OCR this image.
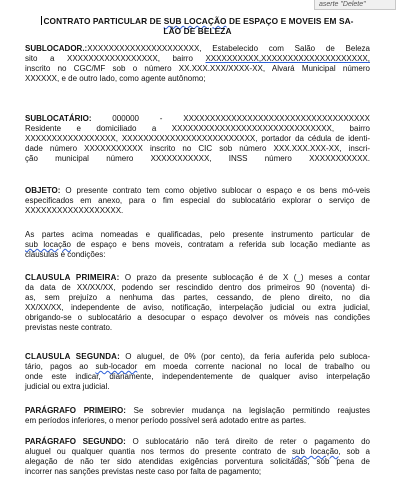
aserte "Delete"
CONTRATO PARTICULAR DE SUB LOCAÇÃO DE ESPAÇO E MOVEIS EM SA-
LÃO DE BELEZA
SUBLOCADOR.:XXXXXXXXXXXXXXXXXXXXX, Estabelecido com Salão de Beleza
sito a XXXXXXXXXXXXXXXXX, bairro XXXXXXXXXX,XXXXXXXXXXXXXXXXXXXX,
inscrito no CGC/MF sob o número XX.XXX.XXX/XXXX-XX, Alvará Municipal número
XXXXXX, e de outro lado, como agente autônomo;
SUBLOCATÁRIO:	000000	-	XXXXXXXXXXXXXXXXXXXXXXXXXXXXXXXXXXX
Residente e domiciliado a XXXXXXXXXXXXXXXXXXXXXXXXXXXXXX, bairro
XXXXXXXXXXXXXXXXX, XXXXXXXXXXXXXXXXXXXXXXXXX, portador da cédula de identi-
dade número XXXXXXXXXXX inscrito no CIC sob número XXX.XXX.XXX-XX, inscri-
ção municipal número XXXXXXXXXXX, INSS número XXXXXXXXXXX.
OBJETO: O presente contrato tem como objetivo sublocar o espaço e os bens mó-veis especificados em anexo, para o fim especial do sublocatário explorar o serviço de XXXXXXXXXXXXXXXXXX.
As partes acima nomeadas e qualificadas, pelo presente instrumento particular de
sub locação de espaço e bens moveis, contratam a referida sub locação mediante as
cláusulas e condições:
CLAUSULA PRIMEIRA: O prazo da presente sublocação é de X (_) meses a contar
da data de XX/XX/XX, podendo ser rescindido dentro dos primeiros 90 (noventa) di-
as, sem prejuízo a nenhuma das partes, cessando, de pleno direito, no dia
XX/XX/XX, independente de aviso, notificação, interpelação judicial ou extra judicial,
obrigando-se o sublocatário a desocupar o espaço devolver os móveis nas condições
previstas neste contrato.
CLAUSULA SEGUNDA: O aluguel, de 0% (por cento), da feria auferida pelo subloca-
tário, pagos ao sub-locador em moeda corrente nacional no local de trabalho ou
onde este indicar, diariamente, independentemente de qualquer aviso interpelação
judicial ou extra judicial.
PARÁGRAFO PRIMEIRO: Se sobrevier mudança na legislação permitindo reajustes
em períodos inferiores, o menor período possível será adotado entre as partes.
PARÁGRAFO SEGUNDO: O sublocatário não terá direito de reter o pagamento do
aluguel ou qualquer quantia nos termos do presente contrato de sub locação, sob a
alegação de não ter sido atendidas exigências porventura solicitadas, sob pena de
incorrer nas sanções previstas neste caso por falta de pagamento;
